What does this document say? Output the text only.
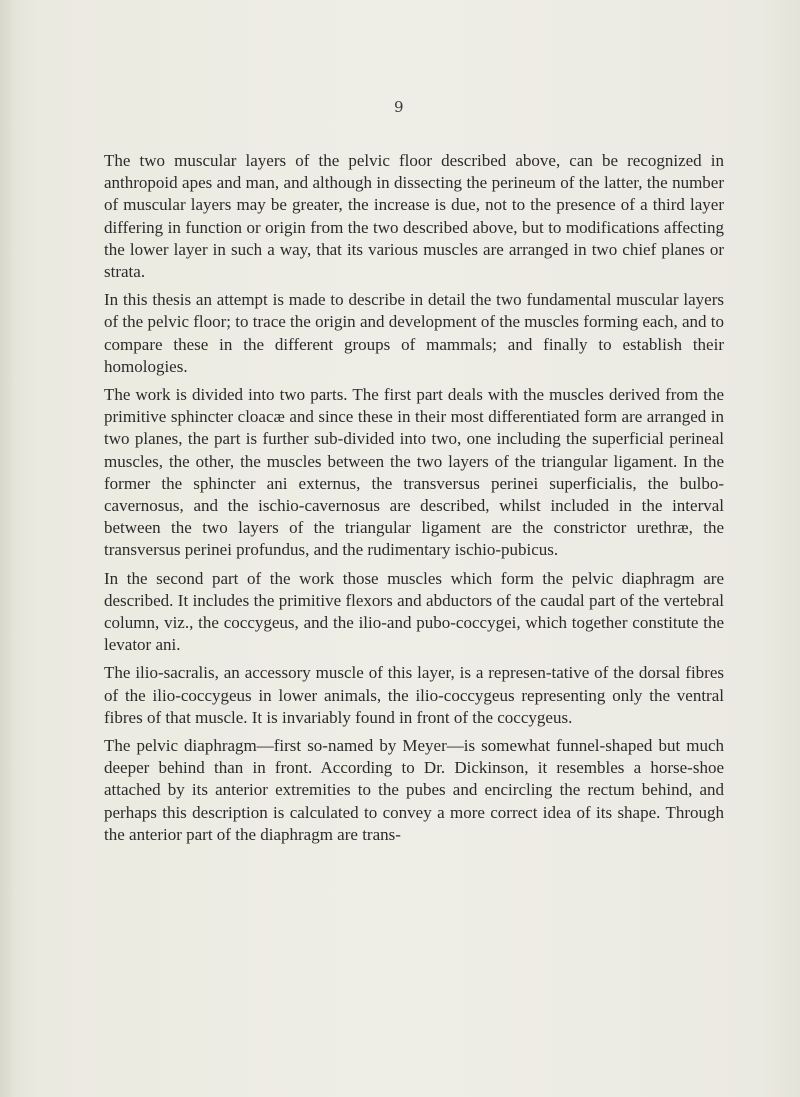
9

The two muscular layers of the pelvic floor described above, can be recognized in anthropoid apes and man, and although in dissecting the perineum of the latter, the number of muscular layers may be greater, the increase is due, not to the presence of a third layer differing in function or origin from the two described above, but to modifications affecting the lower layer in such a way, that its various muscles are arranged in two chief planes or strata.

In this thesis an attempt is made to describe in detail the two fundamental muscular layers of the pelvic floor; to trace the origin and development of the muscles forming each, and to compare these in the different groups of mammals; and finally to establish their homologies.

The work is divided into two parts. The first part deals with the muscles derived from the primitive sphincter cloacæ and since these in their most differentiated form are arranged in two planes, the part is further sub-divided into two, one including the superficial perineal muscles, the other, the muscles between the two layers of the triangular ligament. In the former the sphincter ani externus, the transversus perinei superficialis, the bulbo-cavernosus, and the ischio-cavernosus are described, whilst included in the interval between the two layers of the triangular ligament are the constrictor urethræ, the transversus perinei profundus, and the rudimentary ischio-pubicus.

In the second part of the work those muscles which form the pelvic diaphragm are described. It includes the primitive flexors and abductors of the caudal part of the vertebral column, viz., the coccygeus, and the ilio-and pubo-coccygei, which together constitute the levator ani.

The ilio-sacralis, an accessory muscle of this layer, is a represen-tative of the dorsal fibres of the ilio-coccygeus in lower animals, the ilio-coccygeus representing only the ventral fibres of that muscle. It is invariably found in front of the coccygeus.

The pelvic diaphragm—first so-named by Meyer—is somewhat funnel-shaped but much deeper behind than in front. According to Dr. Dickinson, it resembles a horse-shoe attached by its anterior extremities to the pubes and encircling the rectum behind, and perhaps this description is calculated to convey a more correct idea of its shape. Through the anterior part of the diaphragm are trans-
